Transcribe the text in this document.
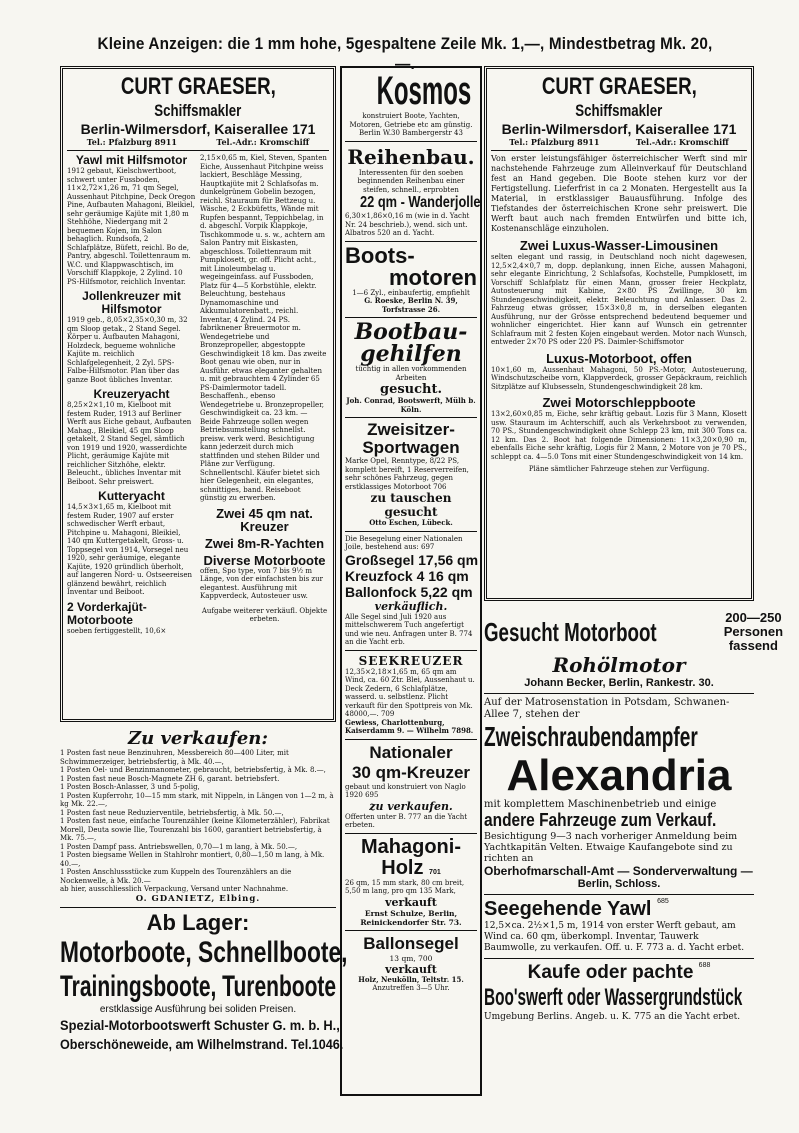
Kleine Anzeigen: die 1 mm hohe, 5gespaltene Zeile Mk. 1,—, Mindestbetrag Mk. 20,—.
CURT GRAESER, Schiffsmakler
Berlin-Wilmersdorf, Kaiserallee 171
Tel.: Pfalzburg 8911	Tel.-Adr.: Kromschiff
Yawl mit Hilfsmotor

1912 gebaut, Kielschwertboot, schwert unter Fussboden, 11×2,72×1,26 m, 71 qm Segel, Aussenhaut Pitchpine, Deck Oregon Pine, Aufbauten Mahagoni, Bleikiel, sehr geräumige Kajüte mit 1,80 m Stehhöhe, Niedergang mit 2 bequemen Kojen, im Salon behaglich. Rundsofa, 2 Schlafplätze, Büfett, reichl. Bo de, Pantry, abgeschl. Toilettenraum m. W.C. und Klappwaschtisch, im Vorschiff Klappkoje, 2 Zylind. 10 PS-Hilfsmotor, reichlich Inventar.

Jollenkreuzer mit Hilfsmotor

1919 geb., 8,05×2,35×0,30 m, 32 qm Sloop getak., 2 Stand Segel. Körper u. Aufbauten Mahagoni, Holzdeck, begueme wohnliche Kajüte m. reichlich Schlafgelegenheit, 2 Zyl. 5PS-Falbe-Hilfsmotor. Plan über das ganze Boot übliches Inventar.

Kreuzeryacht

8,25×2×1,10 m, Kielboot mit festem Ruder, 1913 auf Berliner Werft aus Eiche gebaut, Aufbauten Mahag., Bleikiel, 45 qm Sloop getakelt, 2 Stand Segel, sämtlich von 1919 und 1920, wasserdichte Plicht, geräumige Kajüte mit reichlicher Sitzhöhe, elektr. Beleucht., übliches Inventar mit Beiboot. Sehr preiswert.

Kutteryacht

14,5×3×1,65 m, Kielboot mit festem Ruder, 1907 auf erster schwedischer Werft erbaut, Pitchpine u. Mahagoni, Bleikiel, 140 qm Kuttergetakelt, Gross- u. Toppsegel von 1914, Vorsegel neu 1920, sehr geräumige, elegante Kajüte, 1920 gründlich überholt, auf langeren Nord- u. Ostseereisen glänzend bewährt, reichlich Inventar und Beiboot.

2 Vorderkajüt-Motorboote

soeben fertiggestellt, 10,6×

2,15×0,65 m, Kiel, Steven, Spanten Eiche, Aussenhaut Pitchpine weiss lackiert, Beschläge Messing, Hauptkajüte mit 2 Schlafsofas m. dunkelgrünem Gobelin bezogen, reichl. Stauraum für Bettzeug u. Wäsche, 2 Eckbüfetts, Wände mit Rupfen bespannt, Teppichbelag, in d. abgeschl. Vorpik Klappkoje, Tischkommode u. s. w., achtern am Salon Pantry mit Eiskasten, abgeschloss. Toilettenraum mit Pumpklosett, gr. off. Plicht acht., mit Linoleumbelag u. wegeingeinfass. auf Fussboden, Platz für 4—5 Korbstühle, elektr. Beleuchtung, bestehaus Dynamomaschine und Akkumulatorenbatt., reichl. Inventar, 4 Zylind. 24 PS. fabriknener Breuermotor m. Wendegetriebe und Bronzepropeller, abgestoppte Geschwindigkeit 18 km. Das zweite Boot genau wie oben, nur in Ausführ. etwas eleganter gehalten u. mit gebrauchtem 4 Zylinder 65 PS-Daimlermotor tadell. Beschaffenh., ebenso Wendegetriebe u. Bronzepropeller, Geschwindigkeit ca. 23 km. — Beide Fahrzeuge sollen wegen Betriebsumstellung schnellst. preisw. verk werd. Besichtigung kann jederzeit durch mich stattfinden und stehen Bilder und Pläne zur Verfügung. Schnellentschl. Käufer bietet sich hier Gelegenheit, ein elegantes, schnittiges, band. Reiseboot günstig zu erwerben.

Zwei 45 qm nat. Kreuzer
Zwei 8m-R-Yachten
Diverse Motorboote

offen, Spo type, von 7 bis 9½ m Länge, von der einfachsten bis zur elegantest. Ausführung mit Kappverdeck, Autosteuer usw.

Aufgabe weiterer verkäufl. Objekte erbeten.

Zu verkaufen:

1 Posten fast neue Benzinuhren, Messbereich 80—400 Liter, mit Schwimmerzeiger, betriebsfertig, à Mk. 40.—,

1 Posten Oel- und Benzinmanometer, gebraucht, betriebsfertig, à Mk. 8.—,

1 Posten fast neue Bosch-Magnete ZH 6, garant. betriebsfert.

1 Posten Bosch-Anlasser, 3 und 5-polig,

1 Posten Kupferrohr, 10—15 mm stark, mit Nippeln, in Längen von 1—2 m, à kg Mk. 22.—,

1 Posten fast neue Reduzierventile, betriebsfertig, à Mk. 50.—,

1 Posten fast neue, einfache Tourenzähler (keine Kilometerzähler), Fabrikat Morell, Deuta sowie Ilie, Tourenzahl bis 1600, garantiert betriebsfertig, à Mk. 75.—,

1 Posten Dampf pass. Antriebswellen, 0,70—1 m lang, à Mk. 50.—,

1 Posten biegsame Wellen in Stahlrohr montiert, 0,80—1,50 m lang, à Mk. 40.—,

1 Posten Anschlussstücke zum Kuppeln des Tourenzählers an die Nockenwelle, à Mk. 20.—

ab hier, ausschliesslich Verpackung, Versand unter Nachnahme.

O. GDANIETZ, Elbing.
Ab Lager:
Motorboote, Schnellboote,
Trainingsboote, Turenboote
erstklassige Ausführung bei soliden Preisen.
Spezial-Motorbootswerft Schuster G. m. b. H.,
Oberschöneweide, am Wilhelmstrand. Tel.1046.
Kosmos

konstruiert Boote, Yachten, Motoren, Getriebe etc am günstig. Berlin W.30 Bambergerstr 43

Reihenbau.

Interessenten für den soeben beginnenden Reihenbau einer steifen, schnell., erprobten

22 qm - Wanderjolle

6,30×1,86×0,16 m (wie in d. Yacht Nr. 24 beschrieb.), wend. sich unt. Albatros 520 an d. Yacht.

Boots-
motoren

1—6 Zyl., einbaufertig, empfiehlt

G. Roeske, Berlin N. 39, Torfstrasse 26.

Bootbau-
gehilfen

tüchtig in allen vorkommenden Arbeiten

gesucht.

Joh. Conrad, Bootswerft, Mülh b. Köln.

Zweisitzer-
Sportwagen

Marke Opel, Renntype, 8/22 PS, komplett bereift, 1 Reserverreifen, sehr schönes Fahrzeug, gegen erstklassiges Motorboot 706

zu tauschen gesucht

Otto Eschen, Lübeck.

Die Besegelung einer Nationalen Joile, bestehend aus: 697

Großsegel 17,56 qm
Kreuzfock 4 16 qm
Ballonfock 5,22 qm
verkäuflich.

Alle Segel sind Juli 1920 aus mittelschwerem Tuch angefertigt und wie neu. Anfragen unter B. 774 an die Yacht erb.

SEEKREUZER

12,35×2,18×1,65 m, 65 qm am Wind, ca. 60 Ztr. Blei, Aussenhaut u. Deck Zedern, 6 Schlafplätze, wasserd. u. selbstlenz. Plicht verkauft für den Spottpreis von Mk. 48000,—. 709

Gewiess, Charlottenburg, Kaiserdamm 9. — Wilhelm 7898.

Nationaler
30 qm-Kreuzer

gebaut und konstruiert von Naglo 1920 695

zu verkaufen.

Offerten unter B. 777 an die Yacht erbeten.

Mahagoni-
Holz 701

26 qm, 15 mm stark, 80 cm breit, 5,50 m lang, pro qm 135 Mark,

verkauft

Ernst Schulze, Berlin, Reinickendorfer Str. 73.

Ballonsegel
13 qm, 700
verkauft

Holz, Neukölln, Teltstr. 15.

Anzutreffen 3—5 Uhr.

CURT GRAESER, Schiffsmakler
Berlin-Wilmersdorf, Kaiserallee 171
Tel.: Pfalzburg 8911	Tel.-Adr.: Kromschiff

Von erster leistungsfähiger österreichischer Werft sind mir nachstehende Fahrzeuge zum Alleinverkauf für Deutschland fest an Hand gegeben. Die Boote stehen kurz vor der Fertigstellung. Lieferfrist in ca 2 Monaten. Hergestellt aus Ia Material, in erstklassiger Bauausführung. Infolge des Tiefstandes der österreichischen Krone sehr preiswert. Die Werft baut auch nach fremden Entwürfen und bitte ich, Kostenanschläge einzuholen.

Zwei Luxus-Wasser-Limousinen

selten elegant und rassig, in Deutschland noch nicht dagewesen, 12,5×2,4×0,7 m, dopp. deplankung, innen Eiche, aussen Mahagoni, sehr elegante Einrichtung, 2 Schlafsofas, Kochstelle, Pumpklosett, im Vorschiff Schlafplatz für einen Mann, grosser freier Heckplatz, Autosteuerung mit Kabine, 2×80 PS Zwillinge, 30 km Stundengeschwindigkeit, elektr. Beleuchtung und Anlasser. Das 2. Fahrzeug etwas grösser, 15×3×0,8 m, in derselben eleganten Ausführung, nur der Grösse entsprechend bedeutend bequemer und wohnlicher eingerichtet. Hier kann auf Wunsch ein getrennter Schlafraum mit 2 festen Kojen eingebaut werden. Motor nach Wunsch, entweder 2×70 PS oder 220 PS. Daimler-Schiffsmotor

Luxus-Motorboot, offen

10×1,60 m, Aussenhaut Mahagoni, 50 PS.-Motor, Autosteuerung, Windschutzscheibe vorn, Klappverdeck, grosser Gepäckraum, reichlich Sitzplätze auf Klubsesseln, Stundengeschwindigkeit 28 km.

Zwei Motorschleppboote

13×2,60×0,85 m, Eiche, sehr kräftig gebaut. Lozis für 3 Mann, Klosett usw. Stauraum im Achterschiff, auch als Verkehrsboot zu verwenden, 70 PS., Stundengeschwindigkeit ohne Schlepp 23 km, mit 300 Tons ca. 12 km. Das 2. Boot hat folgende Dimensionen: 11×3,20×0,90 m, ebenfalls Eiche sehr kräftig, Logis für 2 Mann, 2 Motore von je 70 PS., schleppt ca. 4—5.0 Tons mit einer Stundengeschwindigkeit von 14 km.

Pläne sämtlicher Fahrzeuge stehen zur Verfügung.

Gesucht Motorboot	200—250 Personen fassend
Rohölmotor
Johann Becker, Berlin, Rankestr. 30.

Auf der Matrosenstation in Potsdam, Schwanen-Allee 7, stehen der

Zweischraubendampfer
Alexandria

mit komplettem Maschinenbetrieb und einige

andere Fahrzeuge zum Verkauf.

Besichtigung 9—3 nach vorheriger Anmeldung beim Yachtkapitän Velten. Etwaige Kaufangebote sind zu richten an

Oberhofmarschall-Amt — Sonderverwaltung —
Berlin, Schloss.
Seegehende Yawl $^{685}$

12,5×ca. 2½×1,5 m, 1914 von erster Werft gebaut, am Wind ca. 60 qm, überkompl. Inventar, Tauwerk Baumwolle, zu verkaufen. Off. u. F. 773 a. d. Yacht erbet.

Kaufe oder pachte $^{688}$
Boo'swerft oder Wassergrundstück

Umgebung Berlins. Angeb. u. K. 775 an die Yacht erbet.
